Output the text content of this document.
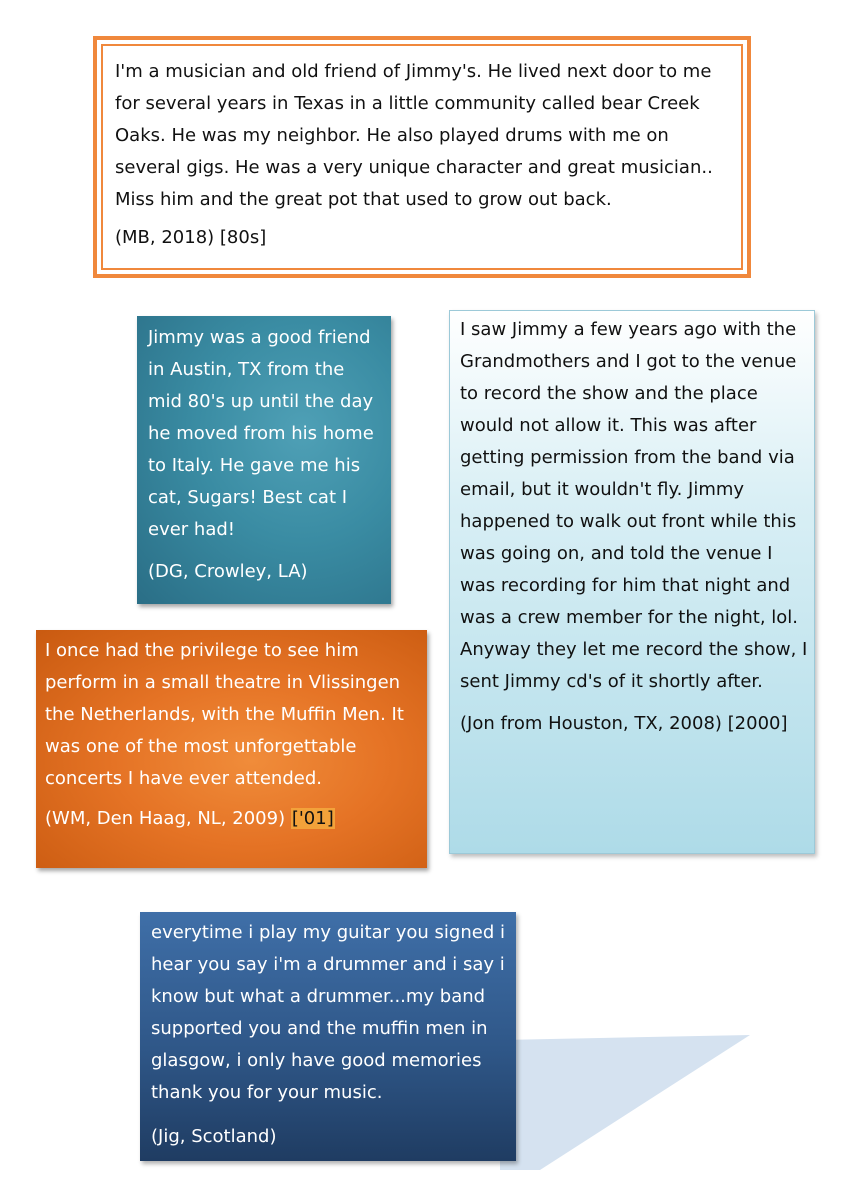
I'm a musician and old friend of Jimmy's. He lived next door to me for several years in Texas in a little community called bear Creek Oaks. He was my neighbor. He also played drums with me on several gigs. He was a very unique character and great musician.. Miss him and the great pot that used to grow out back.

(MB, 2018) [80s]

Jimmy was a good friend in Austin, TX from the mid 80's up until the day he moved from his home to Italy. He gave me his cat, Sugars! Best cat I ever had!

(DG, Crowley, LA)

I saw Jimmy a few years ago with the Grandmothers and I got to the venue to record the show and the place would not allow it. This was after getting permission from the band via email, but it wouldn't fly. Jimmy happened to walk out front while this was going on, and told the venue I was recording for him that night and was a crew member for the night, lol. Anyway they let me record the show, I sent Jimmy cd's of it shortly after.

(Jon from Houston, TX, 2008) [2000]

I once had the privilege to see him perform in a small theatre in Vlissingen the Netherlands, with the Muffin Men. It was one of the most unforgettable concerts I have ever attended.

(WM, Den Haag, NL, 2009) ['01]

everytime i play my guitar you signed i hear you say i'm a drummer and i say i know but what a drummer...my band supported you and the muffin men in glasgow, i only have good memories thank you for your music.

(Jig, Scotland)
